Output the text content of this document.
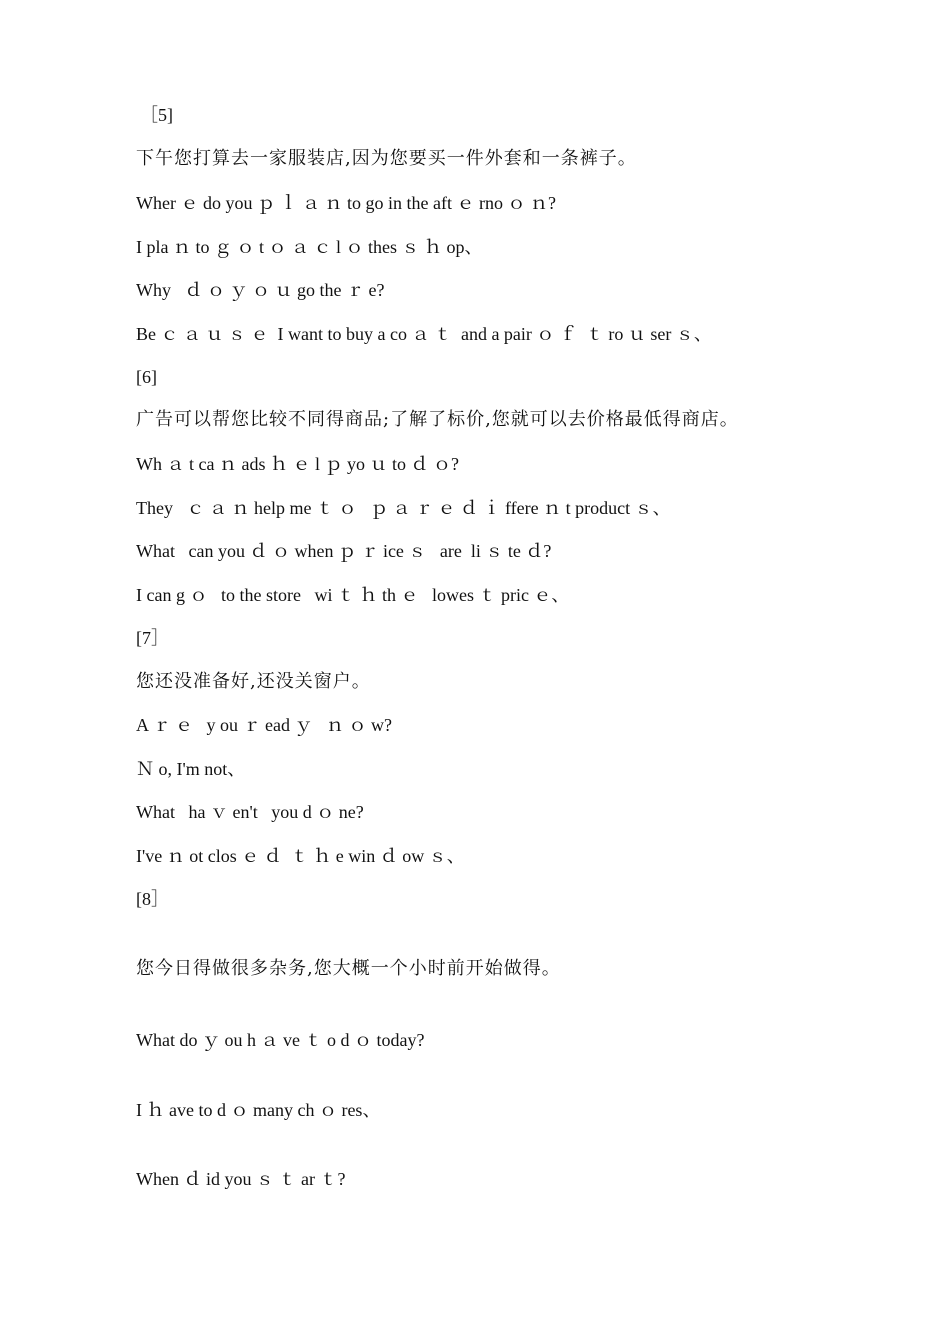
［5]
下午您打算去一家服装店,因为您要买一件外套和一条裤子。
Wher ｅ do you ｐ ｌ ａ ｎ to go in the aft ｅ rno ｏ ｎ?
I pla ｎ to ｇ ｏ t ｏ ａ ｃ l ｏ thes ｓ ｈ op、
Why   ｄ ｏ ｙ ｏ ｕ go the ｒ e?
Be ｃ ａ ｕ ｓ ｅ  I want to buy a co ａ ｔ  and a pair ｏ ｆ  ｔ ro ｕ ser ｓ、
[6]
广告可以帮您比较不同得商品;了解了标价,您就可以去价格最低得商店。
Wh ａ t ca ｎ ads ｈ ｅ l ｐ yo ｕ to ｄ ｏ?
They   ｃ ａ ｎ help me ｔ ｏ   ｐ ａ ｒ ｅ ｄ ｉ ffere ｎ t product ｓ、
What   can you ｄ ｏ when ｐ ｒ ice ｓ   are  li ｓ te ｄ?
I can g ｏ   to the store   wi ｔ ｈ th ｅ   lowes ｔ pric ｅ、
[7］
您还没准备好,还没关窗户。
A ｒ ｅ   y ou ｒ ead ｙ   ｎ ｏ w?
Ｎ o, I'm not、
What   ha ｖ en't   you d ｏ ne?
I've ｎ ot clos ｅ ｄ  ｔ ｈ e win ｄ ow ｓ、
[8］
您今日得做很多杂务,您大概一个小时前开始做得。
What do ｙ ou h ａ ve ｔ o d ｏ today?
I ｈ ave to d ｏ many ch ｏ res、
When ｄ id you ｓ ｔ ar ｔ?
